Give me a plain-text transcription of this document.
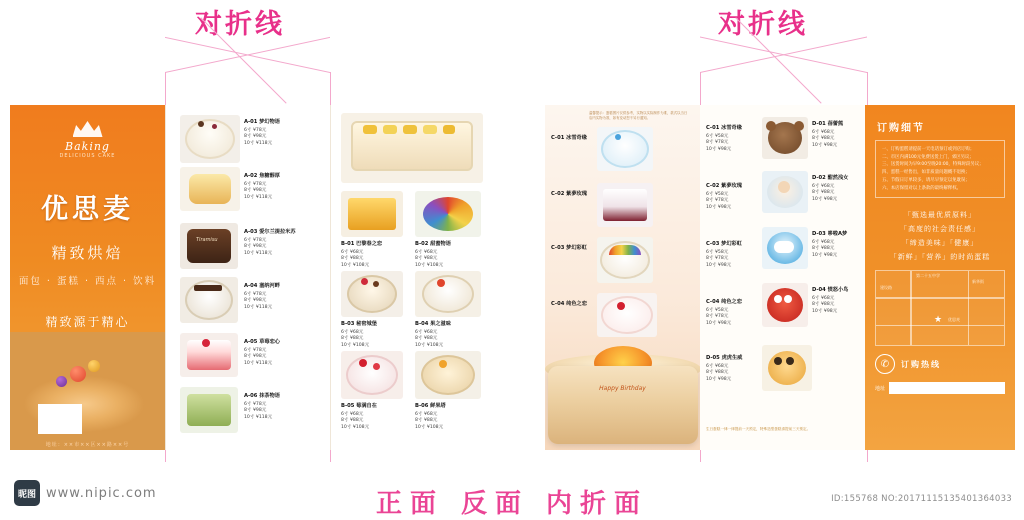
对折线	对折线
Baking
DELICIOUS CAKE
优思麦
精致烘焙
面包 · 蛋糕 · 西点 · 饮料
精致源于精心
地址：××市××区××路××号
A-01 梦幻物语
6寸 ¥78元
8寸 ¥98元
10寸 ¥118元
A-02 焦糖醇厚
6寸 ¥78元
8寸 ¥98元
10寸 ¥118元
Tiramisu
A-03 爱尔兰提拉米苏
6寸 ¥78元
8寸 ¥98元
10寸 ¥118元
A-04 塞纳河畔
6寸 ¥78元
8寸 ¥98元
10寸 ¥118元
A-05 草莓恋心
6寸 ¥78元
8寸 ¥98元
10寸 ¥118元
A-06 抹茶物语
6寸 ¥78元
8寸 ¥98元
10寸 ¥118元
B-01 巴黎春之恋
6寸 ¥68元
8寸 ¥88元
10寸 ¥108元
B-02 甜蜜物语
6寸 ¥68元
8寸 ¥88元
10寸 ¥108元
B-03 秘密城堡
6寸 ¥68元
8寸 ¥88元
10寸 ¥108元
B-04 果之滋味
6寸 ¥68元
8寸 ¥88元
10寸 ¥108元
B-05 莓满自在
6寸 ¥68元
8寸 ¥88元
10寸 ¥108元
B-06 鲜果塔
6寸 ¥68元
8寸 ¥88元
10寸 ¥108元
温馨提示：蛋糕图片仅供参考，实物以实际制作为准，款式以当日店内实物为准，如有变动恕不另行通知。
C-01 冰雪奇缘
C-02 紫夢玫瑰
C-03 梦幻彩虹
C-04 纯色之恋
Happy Birthday
C-01 冰雪奇缘
6寸 ¥58元
8寸 ¥78元
10寸 ¥98元
C-02 紫夢玫瑰
6寸 ¥58元
8寸 ¥78元
10寸 ¥98元
C-03 梦幻彩虹
6寸 ¥58元
8寸 ¥78元
10寸 ¥98元
C-04 纯色之恋
6寸 ¥58元
8寸 ¥78元
10寸 ¥98元
D-01 蓓蕾熊
6寸 ¥68元
8寸 ¥88元
10寸 ¥98元
D-02 酣然浅女
6寸 ¥68元
8寸 ¥88元
10寸 ¥98元
D-03 哆啦A梦
6寸 ¥68元
8寸 ¥88元
10寸 ¥98元
D-04 愤怒小鸟
6寸 ¥68元
8寸 ¥88元
10寸 ¥98元
D-05 虎虎生威
6寸 ¥68元
8寸 ¥88元
10寸 ¥98元
生日蛋糕一律一律提前一天预定，特殊造型蛋糕请提前三天预定。
订购细节
一、订购蛋糕请提前一天电话预订或到店订购；
二、市区内满100元免费送货上门，郊区另议；
三、送货时间为早9:00至晚20:00，特殊时段另议；
四、蛋糕一经售出，如非质量问题概不退换；
五、节假日订单较多，请尽早预定以免耽误；
六、本店保留对以上条款的最终解释权。
「甄选最优质原料」
「高度的社会责任感」
「缔造美味」「健康」
「新鲜」「营养」的时尚蛋糕
★ 优思麦
建设路
新华街
第二十五中学
✆	订购热线
地址
正面 反面 内折面
昵图 www.nipic.com	ID:155768 NO:20171115135401364033
